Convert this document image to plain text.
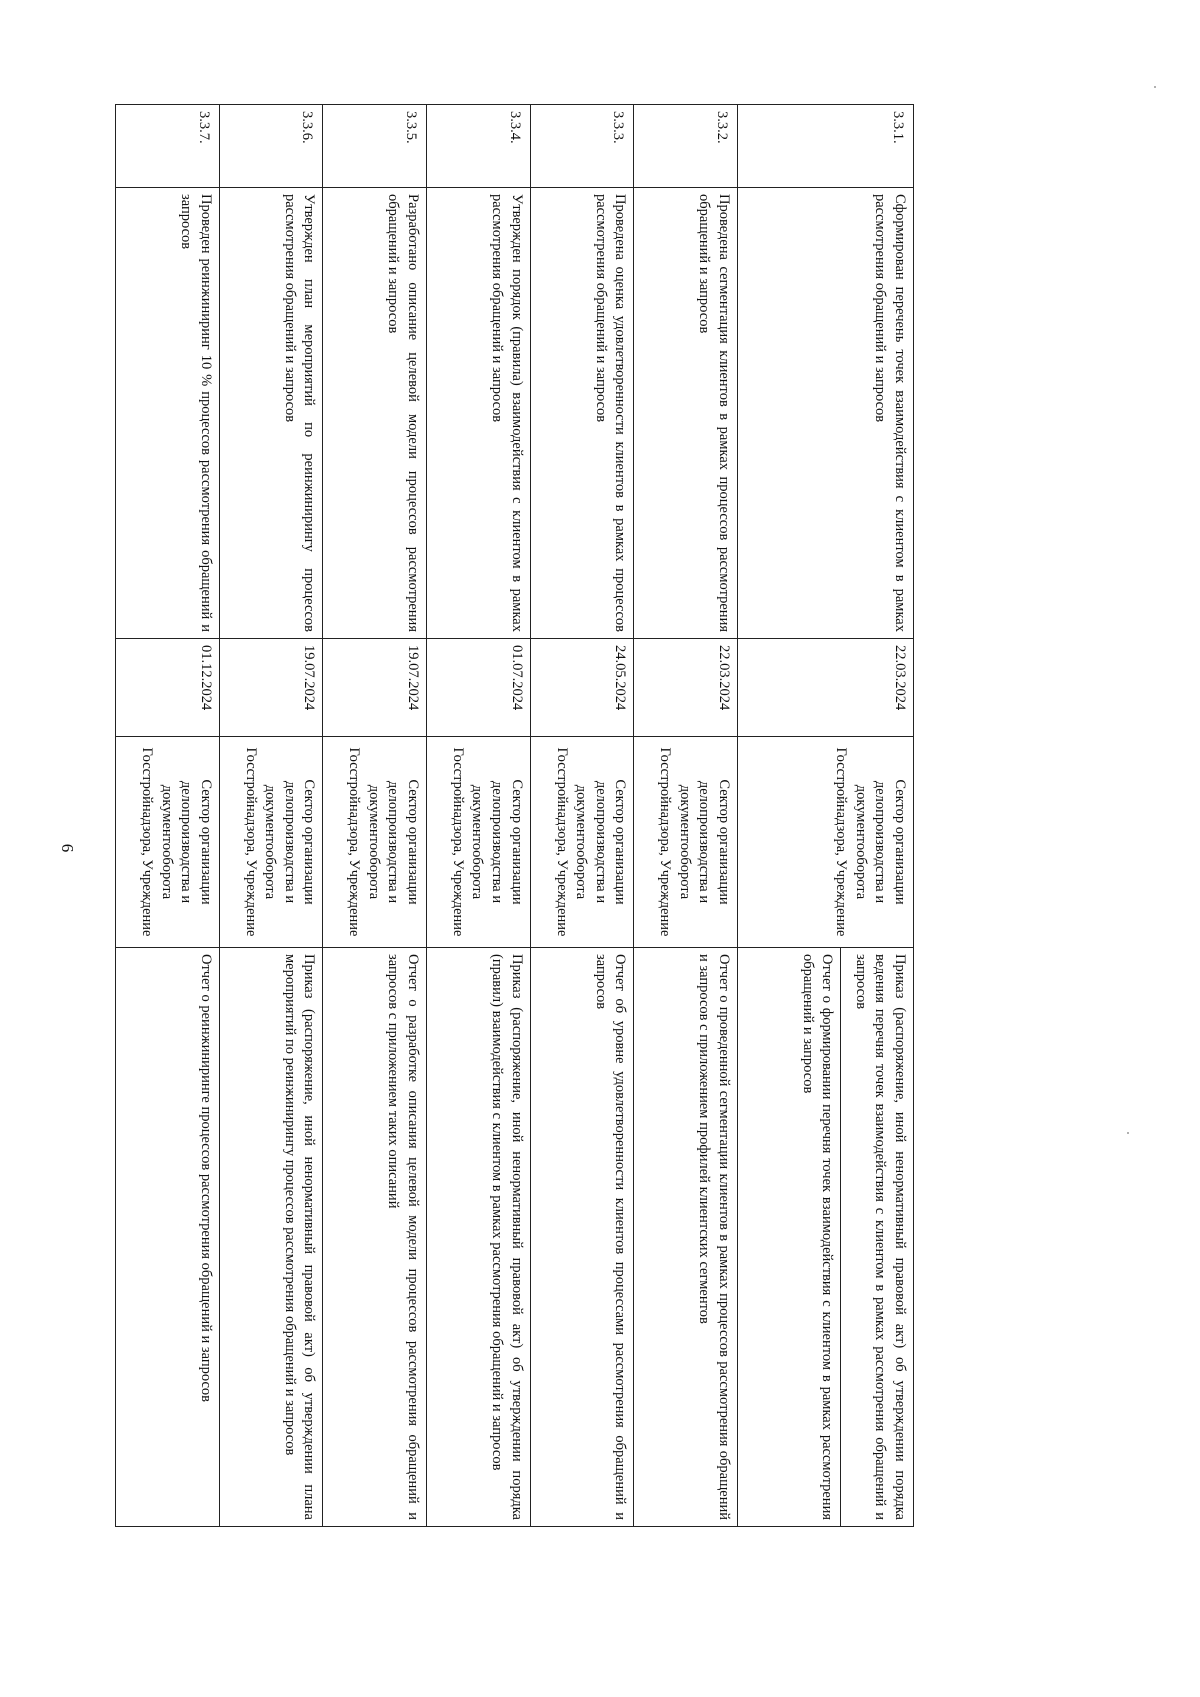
6
3.3.1.	Сформирован перечень точек взаимодействия с клиентом в рамках рассмотрения обращений и запросов	22.03.2024	Сектор организации делопроизводства и документооборота Госстройнадзора, Учреждение	Приказ (распоряжение, иной ненормативный правовой акт) об утверждении порядка ведения перечня точек взаимодействия с клиентом в рамках рассмотрения обращений и запросов
				Отчет о формировании перечня точек взаимодействия с клиентом в рамках рассмотрения обращений и запросов
3.3.2.	Проведена сегментация клиентов в рамках процессов рассмотрения обращений и запросов	22.03.2024	Сектор организации делопроизводства и документооборота Госстройнадзора, Учреждение	Отчет о проведенной сегментации клиентов в рамках процессов рассмотрения обращений и запросов с приложением профилей клиентских сегментов
3.3.3.	Проведена оценка удовлетворенности клиентов в рамках процессов рассмотрения обращений и запросов	24.05.2024	Сектор организации делопроизводства и документооборота Госстройнадзора, Учреждение	Отчет об уровне удовлетворенности клиентов процессами рассмотрения обращений и запросов
3.3.4.	Утвержден порядок (правила) взаимодействия с клиентом в рамках рассмотрения обращений и запросов	01.07.2024	Сектор организации делопроизводства и документооборота Госстройнадзора, Учреждение	Приказ (распоряжение, иной ненормативный правовой акт) об утверждении порядка (правил) взаимодействия с клиентом в рамках рассмотрения обращений и запросов
3.3.5.	Разработано описание целевой модели процессов рассмотрения обращений и запросов	19.07.2024	Сектор организации делопроизводства и документооборота Госстройнадзора, Учреждение	Отчет о разработке описания целевой модели процессов рассмотрения обращений и запросов с приложением таких описаний
3.3.6.	Утвержден план мероприятий по реинжинирингу процессов рассмотрения обращений и запросов	19.07.2024	Сектор организации делопроизводства и документооборота Госстройнадзора, Учреждение	Приказ (распоряжение, иной ненормативный правовой акт) об утверждении плана мероприятий по реинжинирингу процессов рассмотрения обращений и запросов
3.3.7.	Проведен реинжиниринг 10 % процессов рассмотрения обращений и запросов	01.12.2024	Сектор организации делопроизводства и документооборота Госстройнадзора, Учреждение	Отчет о реинжиниринге процессов рассмотрения обращений и запросов
